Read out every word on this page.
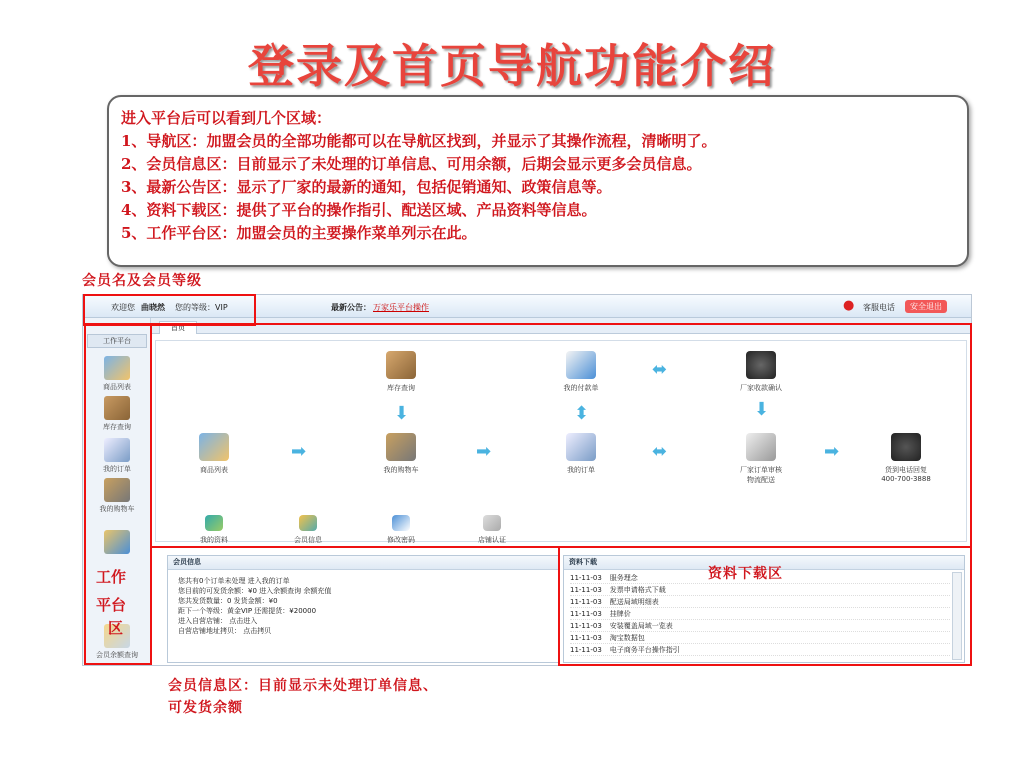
登录及首页导航功能介绍
进入平台后可以看到几个区域：
1、导航区：加盟会员的全部功能都可以在导航区找到，并显示了其操作流程，清晰明了。
2、会员信息区：目前显示了未处理的订单信息、可用余额，后期会显示更多会员信息。
3、最新公告区：显示了厂家的最新的通知，包括促销通知、政策信息等。
4、资料下载区：提供了平台的操作指引、配送区域、产品资料等信息。
5、工作平台区：加盟会员的主要操作菜单列示在此。
会员名及会员等级
欢迎您 曲晓然 您的等级：VIP	最新公告： 万家乐平台操作	● 客服电话	安全退出
工作平台
商品列表
库存查询
我的订单
我的购物车
会员余额查询
首页
库存查询
⬇
我的付款单
⬍
⬌
厂家收款确认
⬇
商品列表
➡
我的购物车
➡
我的订单
⬌
厂家订单审核
物流配送
➡
货到电话回复
400-700-3888
我的资料	会员信息	修改密码	店铺认证
会员信息
您共有0个订单未处理 进入我的订单
您目前的可发货余额：¥0 进入余额查询 余额充值
您共发货数量：0 发货金额：¥0
距下一个等级：黄金VIP 还需提货：¥20000
进入自营店铺： 点击进入
自营店铺地址拷贝： 点击拷贝
资料下载
11-11-03 服务理念
11-11-03 发票申请格式下载
11-11-03 配送局域明细表
11-11-03 挂牌价
11-11-03 安装覆盖局域一览表
11-11-03 淘宝数据包
11-11-03 电子商务平台操作指引
工作
平台
区
资料下载区
会员信息区：目前显示未处理订单信息、
可发货余额
